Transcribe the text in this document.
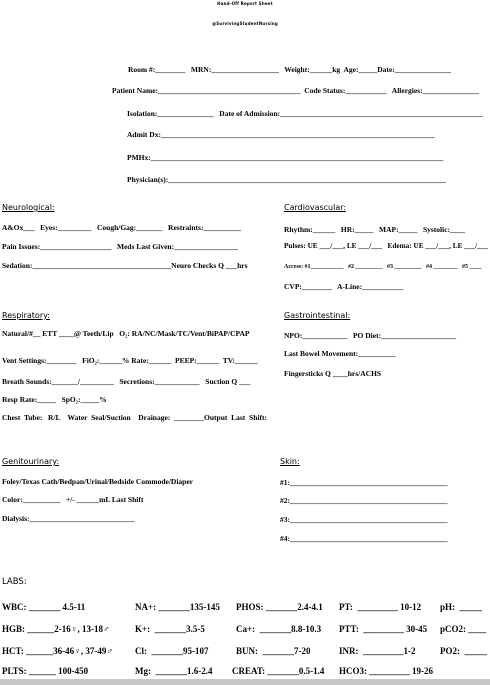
Hand-Off Report Sheet
@SurvivingStudentNursing
Room #:________   MRN:__________________   Weight:______kg  Age:_____Date:_______________
Patient Name:______________________________________  Code Status:___________   Allergies:_______________
Isolation:_______________   Date of Admission:______________________________________________________
Admit Dx:_________________________________________________________________________
PMHx:______________________________________________________________________________
Physician(s):__________________________________________________________________________
Neurological:
A&Ox___   Eyes:_________   Cough/Gag:_______   Restraints:__________
Pain Issues:___________________   Meds Last Given:_________________
Sedation:_____________________________________Neuro Checks Q ___hrs
Cardiovascular:
Rhythm:______   HR:_____   MAP:_____   Systolic:____
Pulses: UE ___/___, LE ___/___   Edema: UE ___/___, LE ___/___
Access: #1___________   #2 _________   #3 _________   #4 ________   #5 ____
CVP:________   A-Line:___________
Respiratory:
Natural/#__ ETT ____@ Teeth/Lip   O₂: RA/NC/Mask/TC/Vent/BiPAP/CPAP
Vent Settings:________   FiO₂:______% Rate:______  PEEP:______  TV:______
Breath Sounds:_______/_________   Secretions:____________   Suction Q ___
Resp Rate:_____   SpO₂:_____%
Chest  Tube:   R/L    Water  Seal/Suction    Drainage:  ________Output  Last  Shift:
Gastrointestinal:
NPO:____________   PO Diet:____________________
Last Bowel Movement:__________
Fingersticks Q ____hrs/ACHS
Genitourinary:
Foley/Texas Cath/Bedpan/Urinal/Bedside Commode/Diaper
Color:__________   +/- ______mL Last Shift
Dialysis:____________________________
Skin:
#1:__________________________________________
#2:__________________________________________
#3:__________________________________________
#4:__________________________________________
LABS:
WBC: _______ 4.5-11	NA+: _______135-145 PHOS: _______2.4-4.1 PT:  _________ 10-12 pH:  _____
HGB: ______2-16♀, 13-18♂	K+:  _______3.5-5	Ca+:  _______8.8-10.3 PTT:  _________ 30-45 pCO2: ____
HCT: ______36-46♀, 37-49♂ Cl:  _______95-107	BUN:  _______7-20	INR:  _________1-2	PO2:  _____
PLTS: ______ 100-450	Mg:  _______1.6-2.4 CREAT: _______0.5-1.4 HCO3: _________ 19-26
